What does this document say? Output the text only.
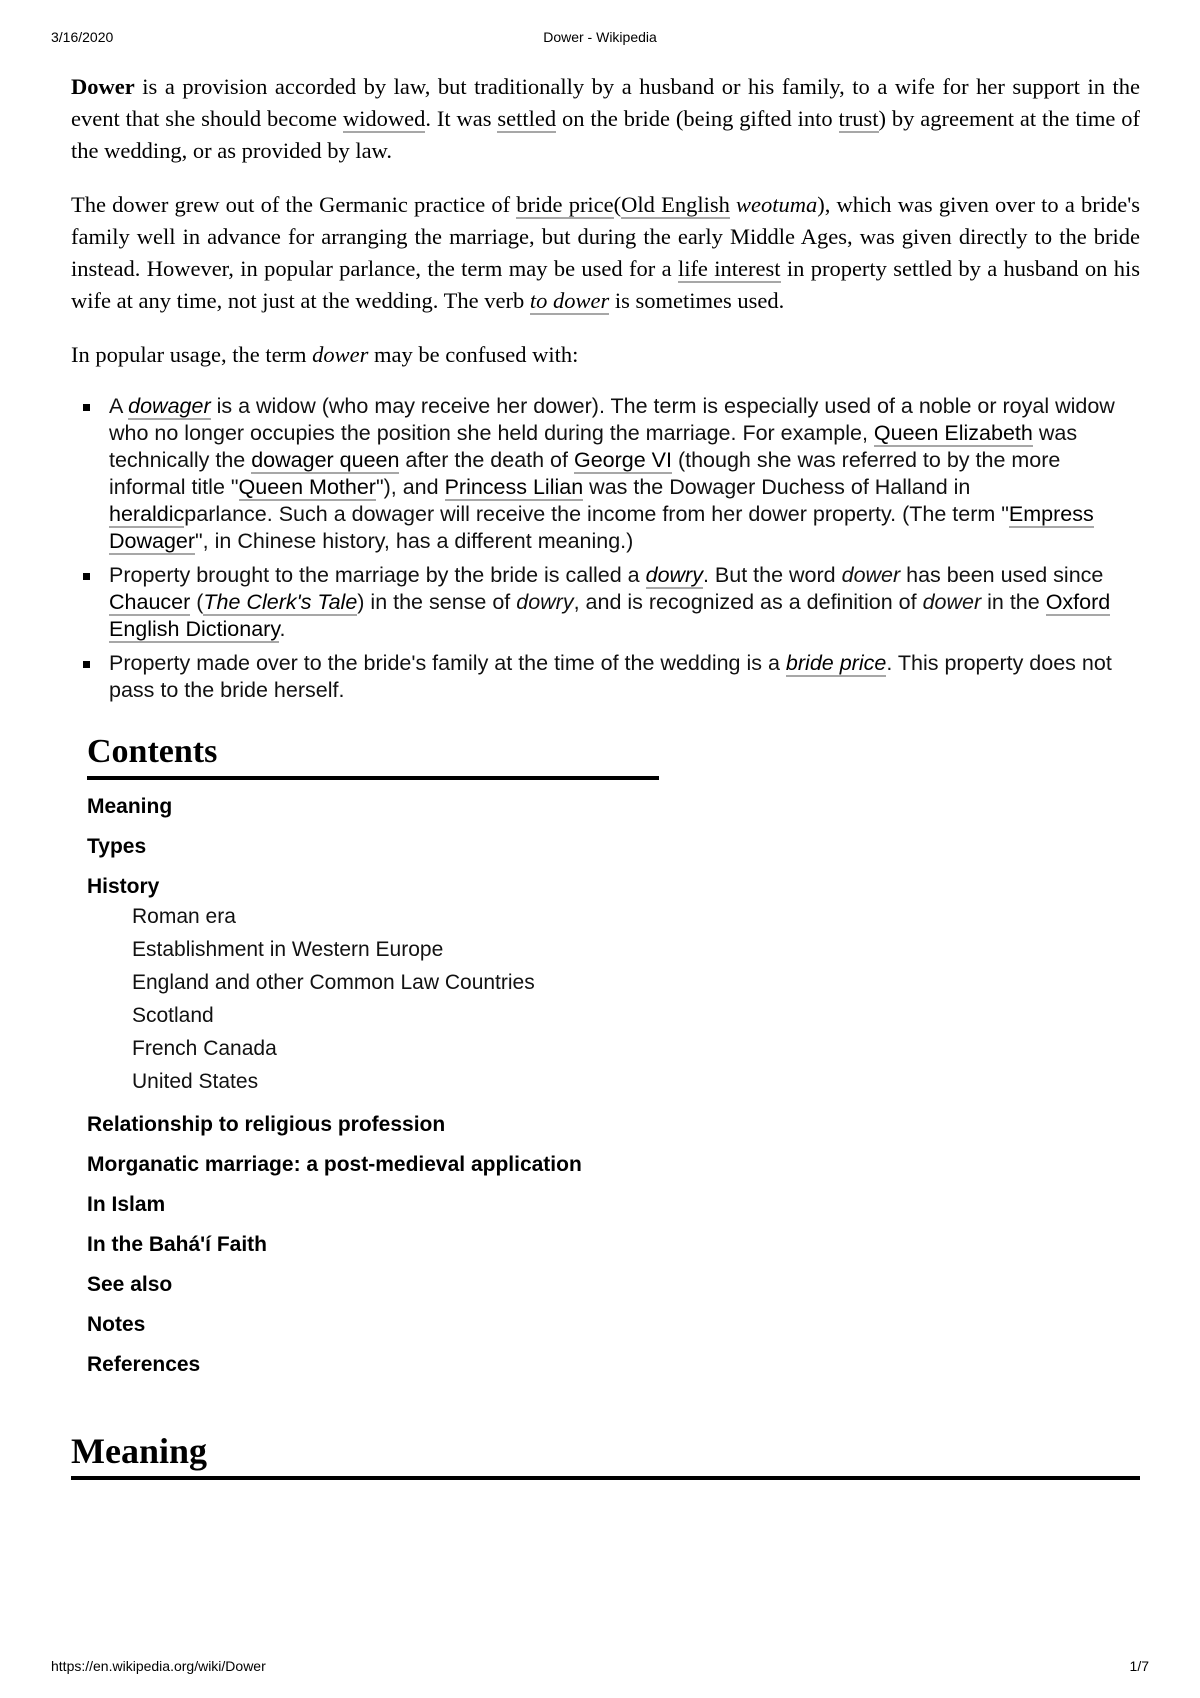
3/16/2020	Dower - Wikipedia

Dower is a provision accorded by law, but traditionally by a husband or his family, to a wife for her support in the event that she should become widowed. It was settled on the bride (being gifted into trust) by agreement at the time of the wedding, or as provided by law.

The dower grew out of the Germanic practice of bride price(Old English weotuma), which was given over to a bride's family well in advance for arranging the marriage, but during the early Middle Ages, was given directly to the bride instead. However, in popular parlance, the term may be used for a life interest in property settled by a husband on his wife at any time, not just at the wedding. The verb to dower is sometimes used.

In popular usage, the term dower may be confused with:

A dowager is a widow (who may receive her dower). The term is especially used of a noble or royal widow who no longer occupies the position she held during the marriage. For example, Queen Elizabeth was technically the dowager queen after the death of George VI (though she was referred to by the more informal title "Queen Mother"), and Princess Lilian was the Dowager Duchess of Halland in heraldicparlance. Such a dowager will receive the income from her dower property. (The term "Empress Dowager", in Chinese history, has a different meaning.)
Property brought to the marriage by the bride is called a dowry. But the word dower has been used since Chaucer (The Clerk's Tale) in the sense of dowry, and is recognized as a definition of dower in the Oxford English Dictionary.
Property made over to the bride's family at the time of the wedding is a bride price. This property does not pass to the bride herself.
Contents
Meaning
Types
History
Roman era
Establishment in Western Europe
England and other Common Law Countries
Scotland
French Canada
United States
Relationship to religious profession
Morganatic marriage: a post-medieval application
In Islam
In the Bahá'í Faith
See also
Notes
References
Meaning
https://en.wikipedia.org/wiki/Dower	1/7
